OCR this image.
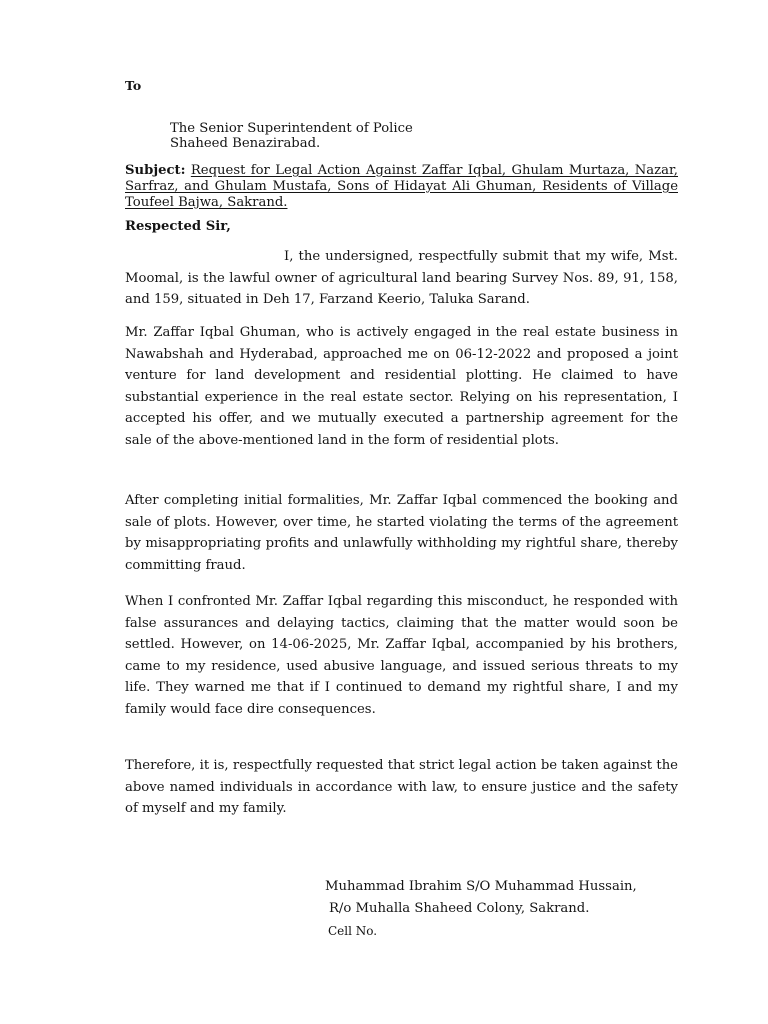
To

The Senior Superintendent of Police

Shaheed Benazirabad.

Subject: Request for Legal Action Against Zaffar Iqbal, Ghulam Murtaza, Nazar, Sarfraz, and Ghulam Mustafa, Sons of Hidayat Ali Ghuman, Residents of Village Toufeel Bajwa, Sakrand.

Respected Sir,

I, the undersigned, respectfully submit that my wife, Mst. Moomal, is the lawful owner of agricultural land bearing Survey Nos. 89, 91, 158, and 159, situated in Deh 17, Farzand Keerio, Taluka Sarand.

Mr. Zaffar Iqbal Ghuman, who is actively engaged in the real estate business in Nawabshah and Hyderabad, approached me on 06-12-2022 and proposed a joint venture for land development and residential plotting. He claimed to have substantial experience in the real estate sector. Relying on his representation, I accepted his offer, and we mutually executed a partnership agreement for the sale of the above-mentioned land in the form of residential plots.

After completing initial formalities, Mr. Zaffar Iqbal commenced the booking and sale of plots. However, over time, he started violating the terms of the agreement by misappropriating profits and unlawfully withholding my rightful share, thereby committing fraud.

When I confronted Mr. Zaffar Iqbal regarding this misconduct, he responded with false assurances and delaying tactics, claiming that the matter would soon be settled. However, on 14-06-2025, Mr. Zaffar Iqbal, accompanied by his brothers, came to my residence, used abusive language, and issued serious threats to my life. They warned me that if I continued to demand my rightful share, I and my family would face dire consequences.

Therefore, it is, respectfully requested that strict legal action be taken against the above named individuals in accordance with law, to ensure justice and the safety of myself and my family.

Muhammad Ibrahim S/O Muhammad Hussain,

R/o Muhalla Shaheed Colony, Sakrand.

Cell No.
